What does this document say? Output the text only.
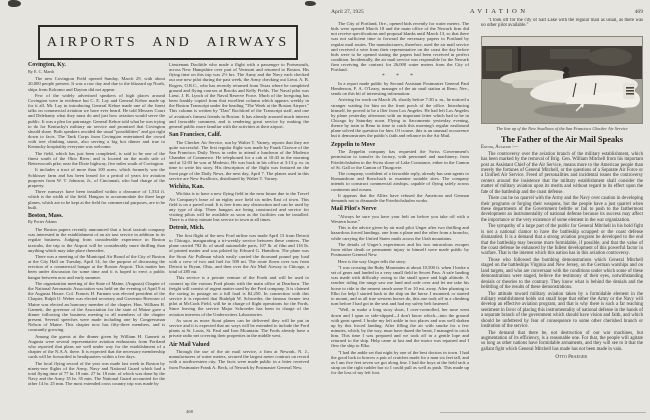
AIRPORTS AND AIRWAYS
April 27, 1925	AVIATION	469
Covington, Ky.
By E. C. Marsh

The new Covington Field opened Sunday, March 29, with about 20,000 people present. It was a raw day and due to the blizzard up North, ships from Kokomo and Dayton did not appear.

Few of the widely advertised speakers of high places around Covington were in evidence but C. E. Lay and General Kehoe made up for it all. Mr. Lay in introducing General Kehoe made one of the finest talks on commercial aviation we have ever heard. He told Messers Court and Delehanty what they must do and just how aviation would serve the public. It was a plea for patronage. General Kehoe told what he was trying to do for Kentucky's military air service and promised that Covington should share. Both speakers avoided the usual "possibilities" and got right down to facts. The Tank Corps from Covington entertained the crowd with tree climbing stunts, also serving a big hot dinner and true to Kentucky hospitality everyone was welcome.

The field, which has just been completed, is said to be one of the finest south of the Ohio River, and is located on the north side of Bettersworth pike, near the Dixie highway, five miles south of Covington.

It includes a tract of more than 100 acres, which formerly was the Schlosser farm and has been leased for a period of years for aviation purposes from W. T. Johnson, Jr., of Cincinnati, who had charge of the property.

Three runways have been installed within a clearance of 1,534 ft. which is the width of the field. Hangars to accommodate the three large planes, which are to be kept at the field for commercial purposes, are to be built.

Boston, Mass.
By Porter Adams

The Boston papers recently announced that a local taxicab company was interested in the establishment of an air taxi service in addition to its regular business. Judging from considerable experience in Boston taxicabs, the trip to the Airport will be considerably more thrilling than anything which may take place thereafter.

There was a meeting of the Municipal Air Board of the City of Boston at the City Hall on Tuesday, April 14, for the purpose of discussing the erection of a commercial hangar at the Boston Airport. This matter has been under discussion for some time and it is hoped to erect a public hangar between now and early summer.

The organization meeting of the State of Maine, (Augusta) Chapter of the National Aeronautic Association was held on the evening of April 9 at the Augusta House. Col. Francis H. Farnum was elected president of the Chapter, Ralph O. Weber was elected secretary and Governor Brewster of Maine was elected an honorary member of the chapter. Hon. William H. Gannett, the governor of the Association for the state of Maine gave a dinner following the business meeting to all members of the chapter present. Several speeches were made including one by Congressman Nelson of Maine. This chapter now has fifty-three members, and is constantly growing.

Among the guests at the dinner given by William H. Gannett at Augusta were several representative aviation enthusiasts from Portland who reported that plans are well under way for the establishment of a chapter of the N.A.A. there. It is expected that the necessary membership cards will be forwarded to headquarters within a few days.

The local flying record of the year was made last week in Boston by ninety-one flights of the Army, Navy and National Guard which had a total flying time of 77 hr. 18 min. 27 hr. 18 min. of which was done by the Navy and the Army 35 hr. 35 min. The National Guard accounted for the other 14 hr. 25 min. The most extended cross country trip was made by

Lieutenant Doolittle who made a flight with a passenger to Portsmouth, across New Hampshire over part of Vermont and returned to Boston. His flying time on this trip was 2½ hrs. The Army and the Navy each checked out one new pilot during the past week, the Army checking out Lieut. A. B. Rogers, O.R.C., who has recently returned from Texas where he completed ground and flying courses at Brooks and Kelly Fields. The Naval pilot was Lieut. J. B. Lynch of the Naval Reserve Force. Much of the foregoing has been frankly copied from that excellent column which appears weekly in the Boston Transcript under the heading "The Week at the Boston Airport." This column is written by "Dan" Rochford of the Transcript staff, and one of aviation's firmest friends in Boston. It has already aroused much interest and favorable comment, and is rendering great service by making the general public more familiar with the activities at their airport.

San Francisco, Calif.

The Checker Air Service, run by Walter T. Varney, reports that they are quite successful. The first regular flight was made by Frank Clarvoe of the San Francisco Daily News in order to attend a luncheon of the Modesto Chamber of Commerce. He telephoned for a cab at 10:43 in the morning and at 12:03 he was at Modesto. He was back in his office at 3:13 p. m. in time to write his story. His description of the flight was featured on the front page of the Daily News, the next day, April 7. The planes used in this service are New Swallows, distributed by Walter T. Varney.

Wichita, Kan.

Wichita is to have a new flying field in the near future due to the Travel Air Company's lease of an eighty acre field six miles East of town. This field is on a paved road. It is free from any obstruction and can be used by any type of ship. Three hangars are being constructed and service for visiting pilots will be available as soon as the facilities can be installed. There is a thirty minute bus service to town at all times.

Detroit, Mich.

The first flight of the new Ford airline was made April 13 from Detroit to Chicago, inaugurating a tri-weekly service between these centers. The plane carried 782 lb. of small automobile parts, 107 lb. of film and 116 lb. of printed matter and was piloted by Edward G. Hamilton. The plane was the Stout Air Pullman which easily carried the thousand pound pay load with a crew of two and fuel for 500 mi. The route flown over was from Detroit to Bryan, Ohio, and then over the Air Mail Airway to Chicago, a total of 285 mi.

This service is a private venture of the Fords and will be used to connect up the various Ford plants with the main office at Dearborn. The freight will consist of urgent matter used by the Ford company. It is claimed the saving in postage on a full load is $2,250. In connection with this service it is reported that Rudolph W. Schroeder, the famous former test pilot at McCook Field, will be in charge of flight operations for the Fords. Since leaving the service Major Schroeder has been in charge of the aviation interests of the Underwriters Laboratories.

As soon as more Stout planes can be delivered they will be put in service and it is expected that air ways will be extended to include the Ford plants at St. Louis, St. Paul and Iron Mountain. The Fords already have a private radio net covering their properties in the middle west.

Air Mail Valued

Through the use of the air mail service, a firm at Newark, N. J., manufacturers of water meters, secured the largest meter contract on record with a northwestern city. The facts were made public in a letter received from Postmaster Frank A. Beck, of Newark by Postmaster General New.

468

The City of Portland, Ore., opened bids recently for water meters. The bids were opened March 18 and the main office of the Newark firm did not receive specifications and proposal blanks until March 13, so that there was not sufficient time to forward the necessary papers to Portland by regular mail routes. The manufacturers, therefore, used the air mail service and received a wire from their representative on the coast the day before bids were to be opened stating the papers had been received in perfect condition. Incidentally, the air mail service was responsible for the Newark firm receiving the contract for 26,000 water meters from the City of Portland.

* * *

In a report made public by Second Assistant Postmaster General Paul Henderson, F. A. O'Leary, manager of the air mail station at Reno, Nev., sends on this bit of interesting information:

Arriving for work on March 26, shortly before 7:30 a. m., he noticed a stranger waiting for him on the front porch of the office. Introducing himself, he proved to be a flier from Los Angeles. He had left Los Angeles by plane yesterday afternoon with an important letter which had to be in Chicago by Saturday noon. Flying to Sacramento yesterday evening, thence by train to Reno in time to catch this morning's regular eastbound plane solved the question for him. Of course, this is an unusual occurrence but it demonstrates the public's faith and reliance in the Air Mail.

Zeppelin to Move

The Zeppelin company has requested the Swiss Government's permission to transfer its factory, with personnel and machinery, from Friedrichshafen to the Swiss shore of Lake Constance, either in the Canton of St. Gall or the Canton of Thurgovie.

The company, confident of a favorable reply, already has sent agents to Romanshorn and Rorschach to examine suitable sites. The company intends to construct commercial airships, capable of flying safely across continents and oceans.

It appears that the Allies have refused the American and German demands not to dismantle the Friedrichshafen works.

Mail Pilot's Nerve

"Always be sure you have your belt on before you take off with a Western horse."

This is the advice given by air mail pilot Unger after two thrilling and hazardous forced landings, one from a plane and the other from a broncho, while carrying the United States mails across the Utah mountains.

The details of Unger's experiences and his two miraculous escapes from either death or permanent injury to himself were made public by Postmaster General New.

Here is the way Unger tells the story:

"I was crossing the Ruby Mountains at about 10,500 ft. when I broke a set of gears and landed in a very small field in Secret Pass. A safe landing was made with difficulty owing to the small space and high altitude. A rancher riding the range saw me land and rode over and let me take his horse to ride to the nearest ranch some 8 or 10 mi. away. After phoning to Elko for help I started back to the ship on the horse. I mounted, or started to mount, and as all true western horses do, this one took off in a climbing turn before I had got in the seat and had my safety belt fastened.

"Well, to make a long story short, I over-controlled, her nose went down and I spun or side-slipped—I don't know which—into the ground with great speed. I broke my left ankle in two places and was well shaken up by this forced landing. After filling the air with smoke for a few minutes, which, by the way, must have dazed the beast, I managed to catch him. This time I was prepared and we took off in a gentle lope and returned to the ship. Help came at last and the motor was repaired and I flew the ship to Elko.

"I had the ankle set that night by one of the best doctors in town. I had the good luck to borrow a pair of crutches made for a man six feet tall, and as I am five feet seven we got along fine. I had the boys at the field tack a strap on the right rudder bar so I could pull as well as push. This made up for the loss of my left foot.

"I took off for the city of Salt Lake with the regular mail as usual, as there was no other pilot available."

The line up of the New Swallows of the San Francisco Checker Air Service
The Father of the Air Mail Speaks
Editor, Aviation :—

The controversy over the aviation branch of the military establishment, which has been marked by the removal of Brig. Gen. William Mitchell from his important post as Assistant Chief of the Air Service, means more to the American people than merely the fortunes of General Mitchell, or the questions of a Separate Air Force or a Unified Air Service. Freed of personalities and incidental issues the controversy centers around the insistence that the military establishment shall consider the matter of military aviation upon its merits and without regard to its effect upon the fate of the battleship and the coast defense.

There can be no quarrel with the Army and the Navy over caution in developing their programs or forging their weapons, but the people have a just quarrel when these departments of the Government belittle or fail to push to the farthermost development an instrumentality of national defense because its success may affect the importance or the very existence of some element in the war organization.

The sympathy of a large part of the public for General Mitchell in his bold fight is not a national clamor to have the battleship scrapped or the coast defense dismantled. It is a demand that a strong aviation program be developed to the end that the battleship may become more formidable, if possible, and that the value of the coast defense be enhanced by the fullest development of this powerful factor in warfare. That is the interest which this nation has in this aviation controversy.

Those who followed the bombing demonstrations which General Mitchell staged on the battleships Virginia and New Jersey, on the German warships and on land targets, and who are conversant with the conditions under which some of these demonstrations were staged, believe the testimony of their eyes, notwithstanding denials or theories to the contrary. They know what is behind the denials and the belittling of the results of these demonstrations.

The attitude toward military aviation taken by a formidable element in the military establishment holds out small hope that either the Army or the Navy will develop an effective aviation program, and that is why there is such a far reaching sentiment in favor of placing this instrumentality of national defense in the hands of a separate branch of the government which should have vision and faith, and which should be unfettered by fear of consequence to some other cherished branch or institution of the service.

The demand that there be, not destruction of our war machines, but augmentation of its efficiency, is a reasonable one. For that, the people will agitate so long as other nations have formidable armaments, and they will see to it that the gallant fight which General Mitchell has made has not been made in vain.

Otto Praeger
